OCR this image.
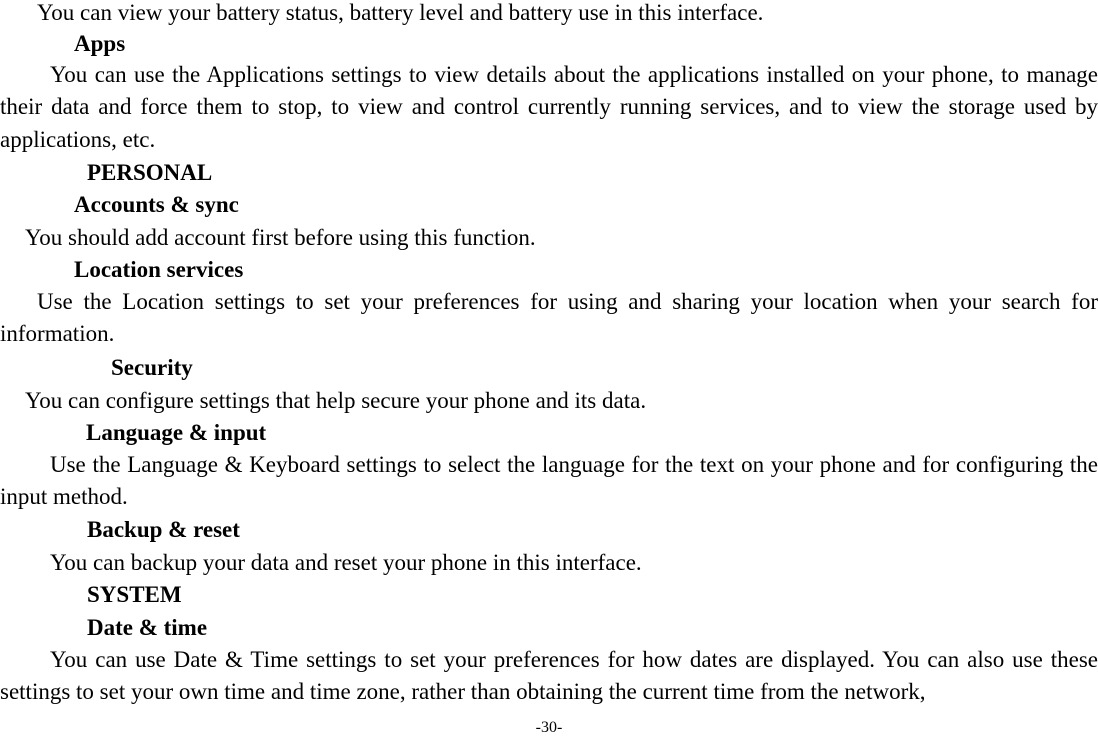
You can view your battery status, battery level and battery use in this interface.
Apps
You can use the Applications settings to view details about the applications installed on your phone, to manage their data and force them to stop, to view and control currently running services, and to view the storage used by applications, etc.
PERSONAL
Accounts & sync
You should add account first before using this function.
Location services
Use the Location settings to set your preferences for using and sharing your location when your search for information.
Security
You can configure settings that help secure your phone and its data.
Language & input
Use the Language & Keyboard settings to select the language for the text on your phone and for configuring the input method.
Backup & reset
You can backup your data and reset your phone in this interface.
SYSTEM
Date & time
You can use Date & Time settings to set your preferences for how dates are displayed. You can also use these settings to set your own time and time zone, rather than obtaining the current time from the network,
-30-
